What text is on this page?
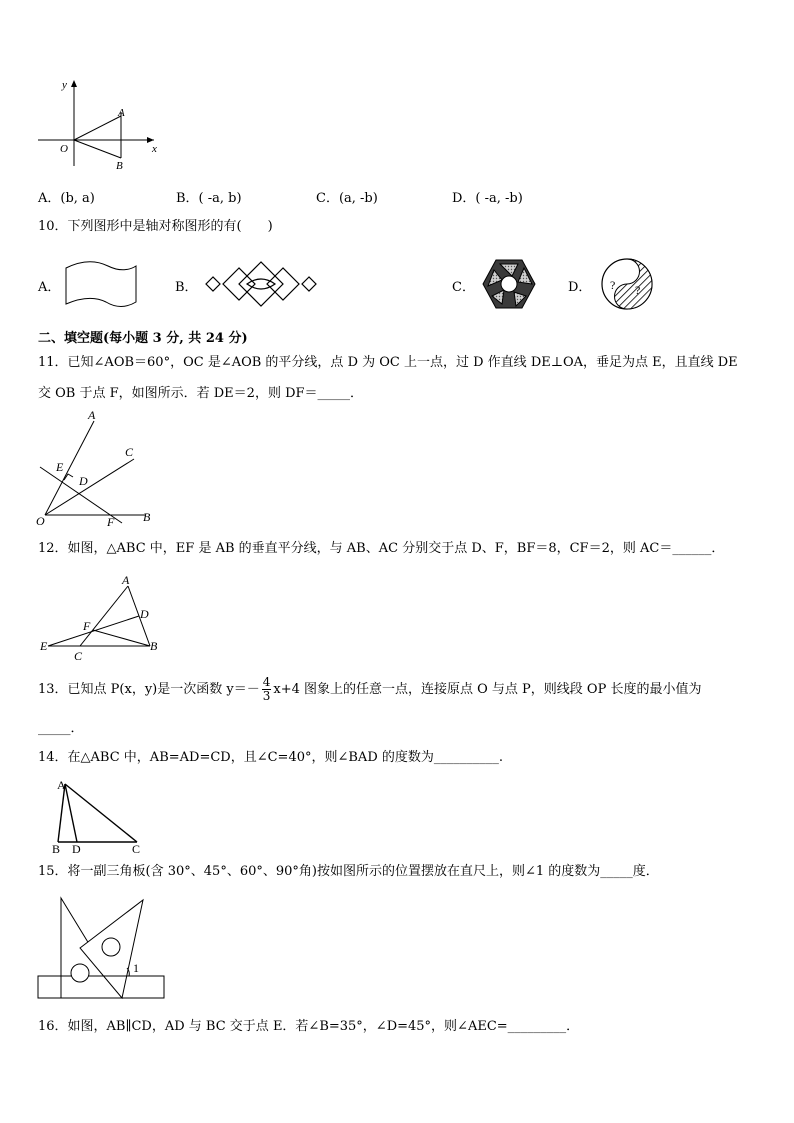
y
x
O
A
B
A．(b, a)	B．( -a, b)	C．(a, -b)	D．( -a, -b)
10．下列图形中是轴对称图形的有(　　)
A．	B．	C．	D． ? ?
二、填空题(每小题 3 分, 共 24 分)
11．已知∠AOB＝60°，OC 是∠AOB 的平分线，点 D 为 OC 上一点，过 D 作直线 DE⊥OA，垂足为点 E，且直线 DE
交 OB 于点 F，如图所示．若 DE＝2，则 DF＝_____．
A
C
E
D
O	F B
12．如图，△ABC 中，EF 是 AB 的垂直平分线，与 AB、AC 分别交于点 D、F，BF＝8，CF＝2，则 AC＝______．
A
D
F
E
C
B
13．已知点 P(x，y)是一次函数 $y=- \frac{4}{3} x+4$ 图象上的任意一点，连接原点 O 与点 P，则线段 OP 长度的最小值为
_____．
14．在△ABC 中，AB=AD=CD，且∠C=40°，则∠BAD 的度数为__________.
A
B D	C
15．将一副三角板(含 30°、45°、60°、90°角)按如图所示的位置摆放在直尺上，则∠1 的度数为_____度．
1
16．如图，AB∥CD，AD 与 BC 交于点 E．若∠B=35°，∠D=45°，则∠AEC=_________．
